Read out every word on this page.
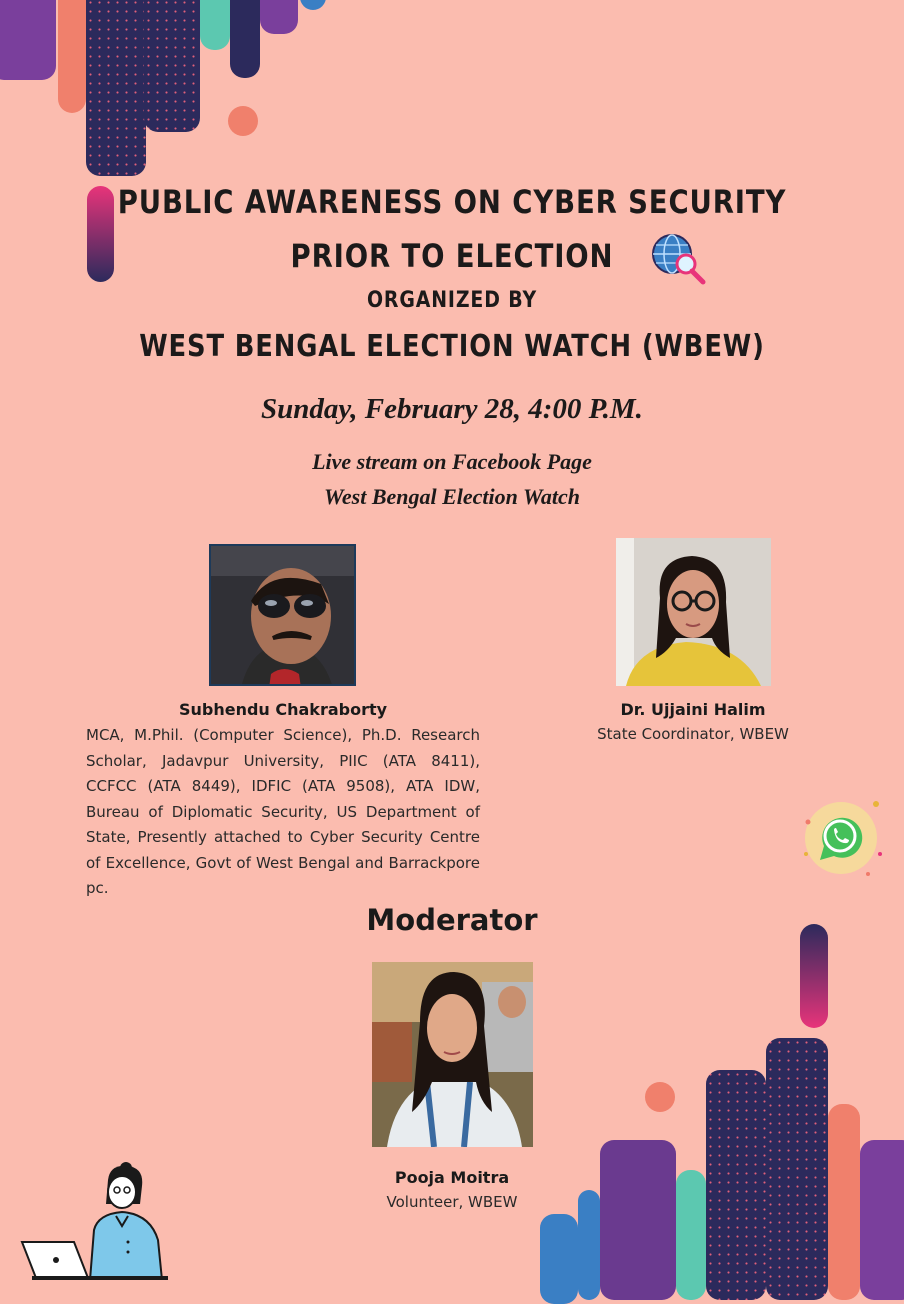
PUBLIC AWARENESS ON CYBER SECURITY
PRIOR TO ELECTION
ORGANIZED BY
WEST BENGAL ELECTION WATCH (WBEW)
Sunday, February 28, 4:00 P.M.
Live stream on Facebook Page
West Bengal Election Watch
Subhendu Chakraborty
MCA, M.Phil. (Computer Science), Ph.D. Research Scholar, Jadavpur University, PIIC (ATA 8411), CCFCC (ATA 8449), IDFIC (ATA 9508), ATA IDW, Bureau of Diplomatic Security, US Department of State, Presently attached to Cyber Security Centre of Excellence, Govt of West Bengal and Barrackpore pc.
Dr. Ujjaini Halim
State Coordinator, WBEW
Moderator
Pooja Moitra
Volunteer, WBEW
